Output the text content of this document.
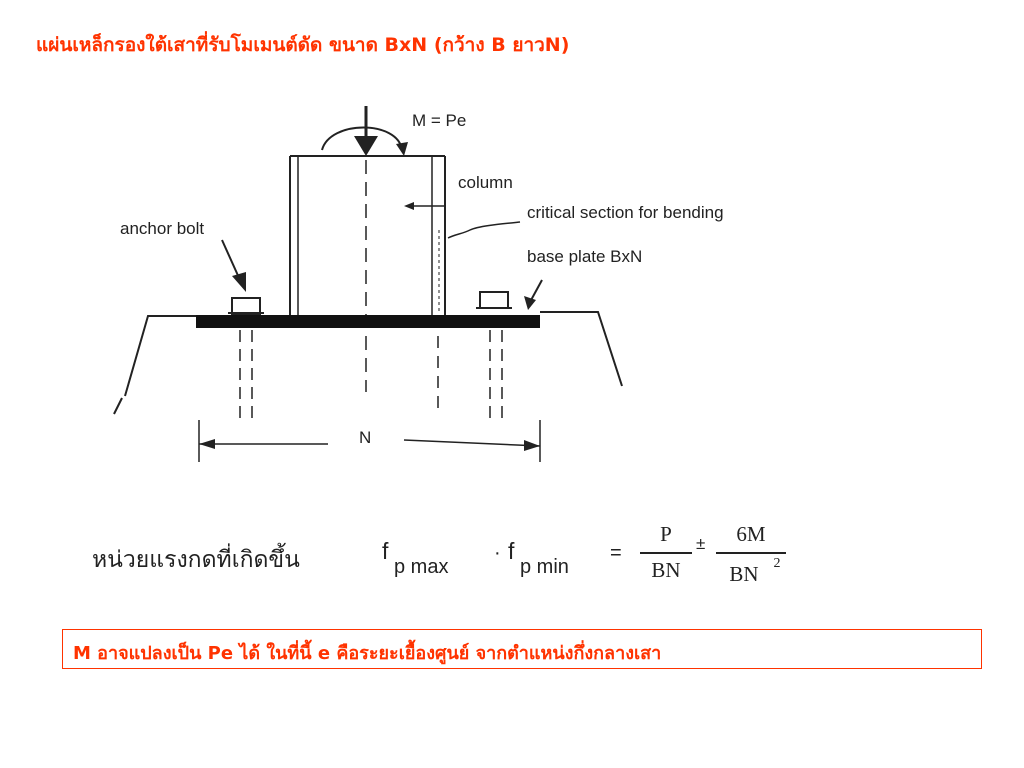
แผ่นเหล็กรองใต้เสาที่รับโมเมนต์ดัด ขนาด BxN (กว้าง B ยาวN)
M = Pe
column
critical section for bending
base plate BxN
anchor bolt
N
หน่วยแรงกดที่เกิดขึ้น	f
p max
· f
p min
=
P
BN
±	6M
BN	2
M อาจแปลงเป็น Pe ได้ ในที่นี้ e คือระยะเยื้องศูนย์ จากตำแหน่งกึ่งกลางเสา
